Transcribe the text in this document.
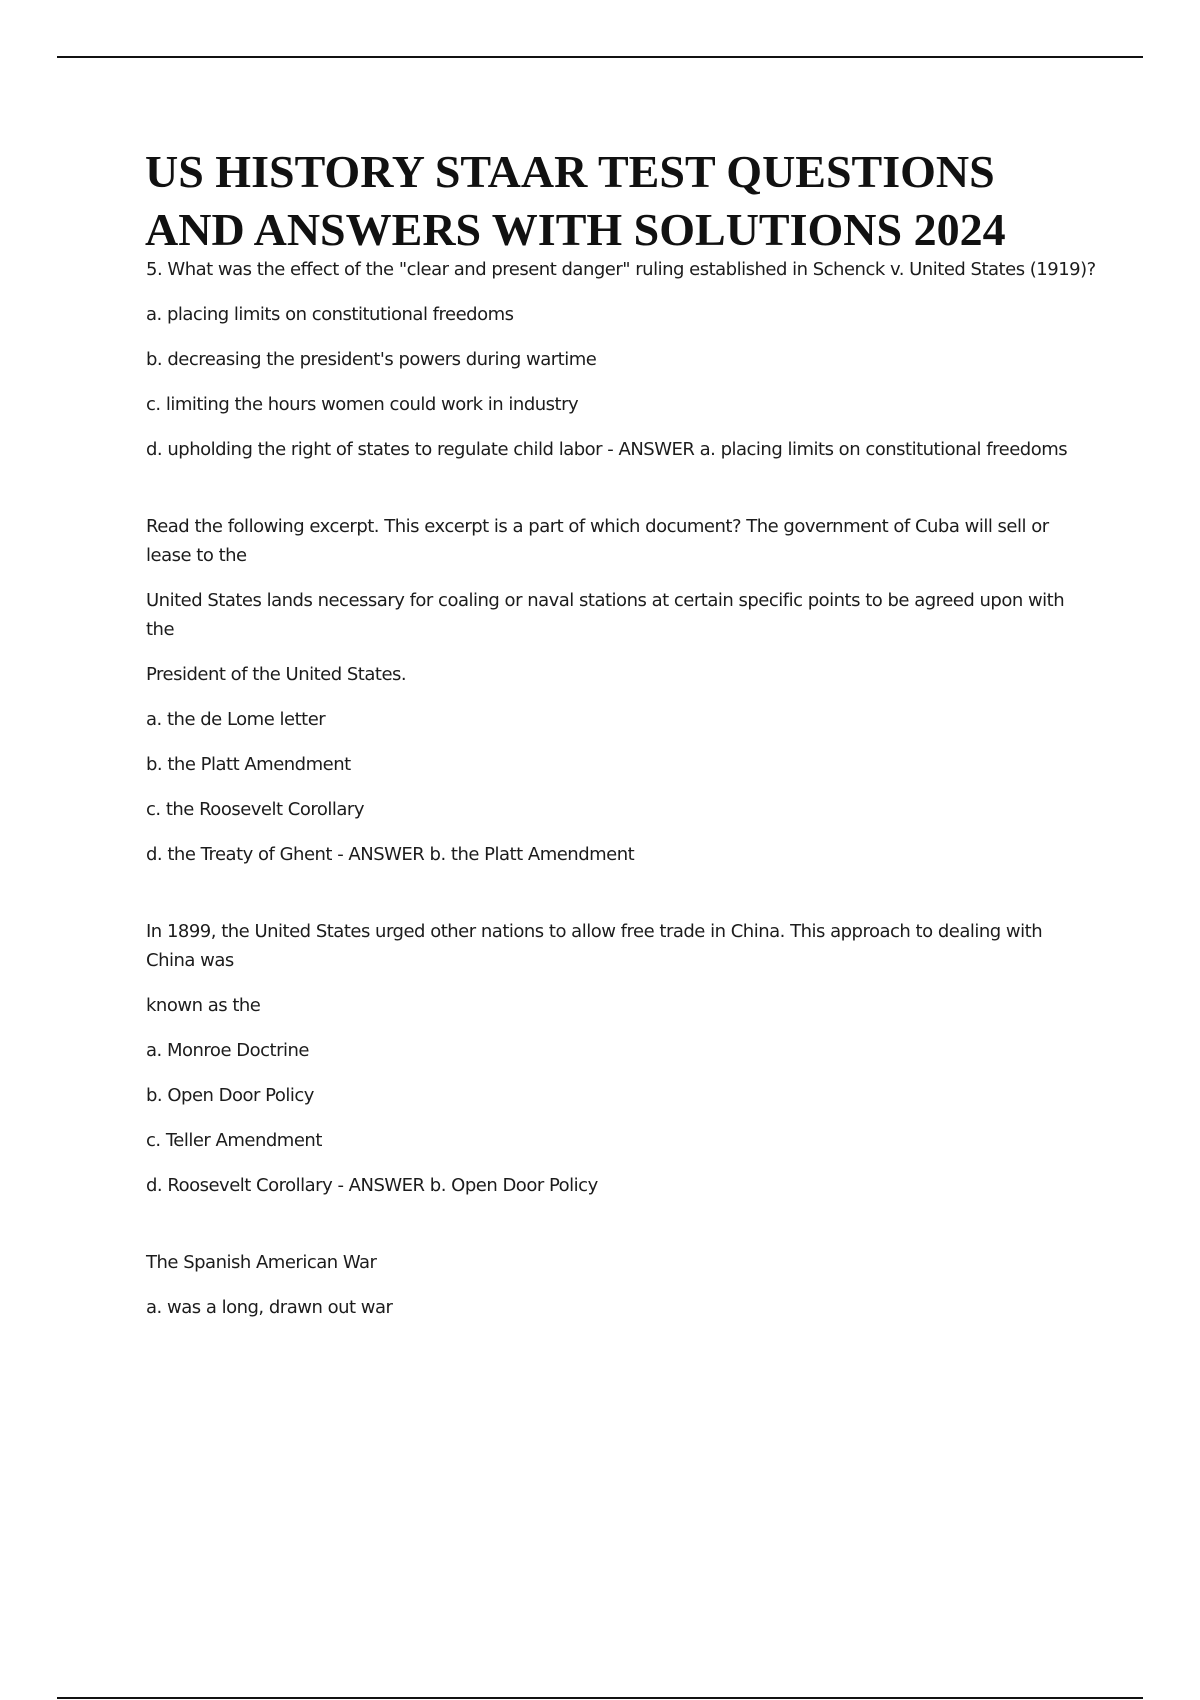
US HISTORY STAAR TEST QUESTIONS
AND ANSWERS WITH SOLUTIONS 2024

5. What was the effect of the "clear and present danger" ruling established in Schenck v. United States (1919)?

a. placing limits on constitutional freedoms

b. decreasing the president's powers during wartime

c. limiting the hours women could work in industry

d. upholding the right of states to regulate child labor - ANSWER a. placing limits on constitutional freedoms

Read the following excerpt. This excerpt is a part of which document? The government of Cuba will sell or lease to the

United States lands necessary for coaling or naval stations at certain specific points to be agreed upon with the

President of the United States.

a. the de Lome letter

b. the Platt Amendment

c. the Roosevelt Corollary

d. the Treaty of Ghent - ANSWER b. the Platt Amendment

In 1899, the United States urged other nations to allow free trade in China. This approach to dealing with China was

known as the

a. Monroe Doctrine

b. Open Door Policy

c. Teller Amendment

d. Roosevelt Corollary - ANSWER b. Open Door Policy

The Spanish American War

a. was a long, drawn out war
